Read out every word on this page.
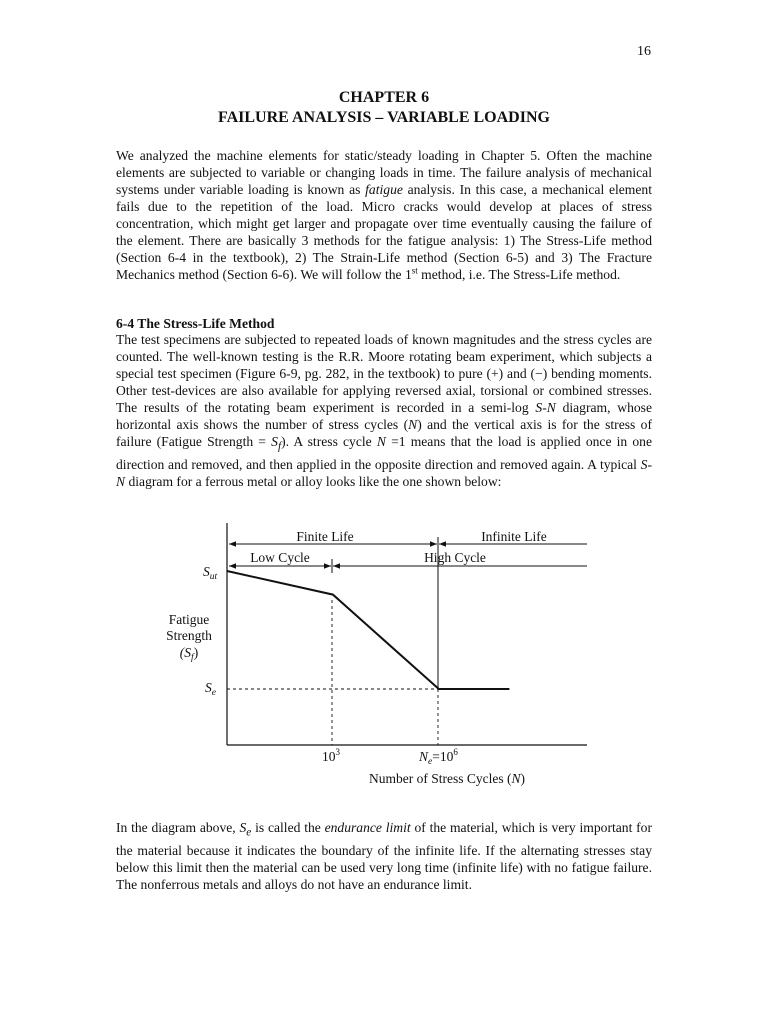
16
CHAPTER 6
FAILURE ANALYSIS – VARIABLE LOADING

We analyzed the machine elements for static/steady loading in Chapter 5. Often the machine elements are subjected to variable or changing loads in time. The failure analysis of mechanical systems under variable loading is known as fatigue analysis. In this case, a mechanical element fails due to the repetition of the load. Micro cracks would develop at places of stress concentration, which might get larger and propagate over time eventually causing the failure of the element. There are basically 3 methods for the fatigue analysis: 1) The Stress-Life method (Section 6-4 in the textbook), 2) The Strain-Life method (Section 6-5) and 3) The Fracture Mechanics method (Section 6-6). We will follow the 1st method, i.e. The Stress-Life method.

6-4 The Stress-Life Method

The test specimens are subjected to repeated loads of known magnitudes and the stress cycles are counted. The well-known testing is the R.R. Moore rotating beam experiment, which subjects a special test specimen (Figure 6-9, pg. 282, in the textbook) to pure (+) and (−) bending moments. Other test-devices are also available for applying reversed axial, torsional or combined stresses. The results of the rotating beam experiment is recorded in a semi-log S-N diagram, whose horizontal axis shows the number of stress cycles (N) and the vertical axis is for the stress of failure (Fatigue Strength = $S_f$). A stress cycle N =1 means that the load is applied once in one direction and removed, and then applied in the opposite direction and removed again. A typical S-N diagram for a ferrous metal or alloy looks like the one shown below:

Finite Life	Infinite Life
Low Cycle	High Cycle
$S_{ut}$
$S_e$
Fatigue
Strength
$(S_f)$
$10^3$	$N_e=10^6$
Number of Stress Cycles (N)

In the diagram above, $S_e$ is called the endurance limit of the material, which is very important for the material because it indicates the boundary of the infinite life. If the alternating stresses stay below this limit then the material can be used very long time (infinite life) with no fatigue failure. The nonferrous metals and alloys do not have an endurance limit.
